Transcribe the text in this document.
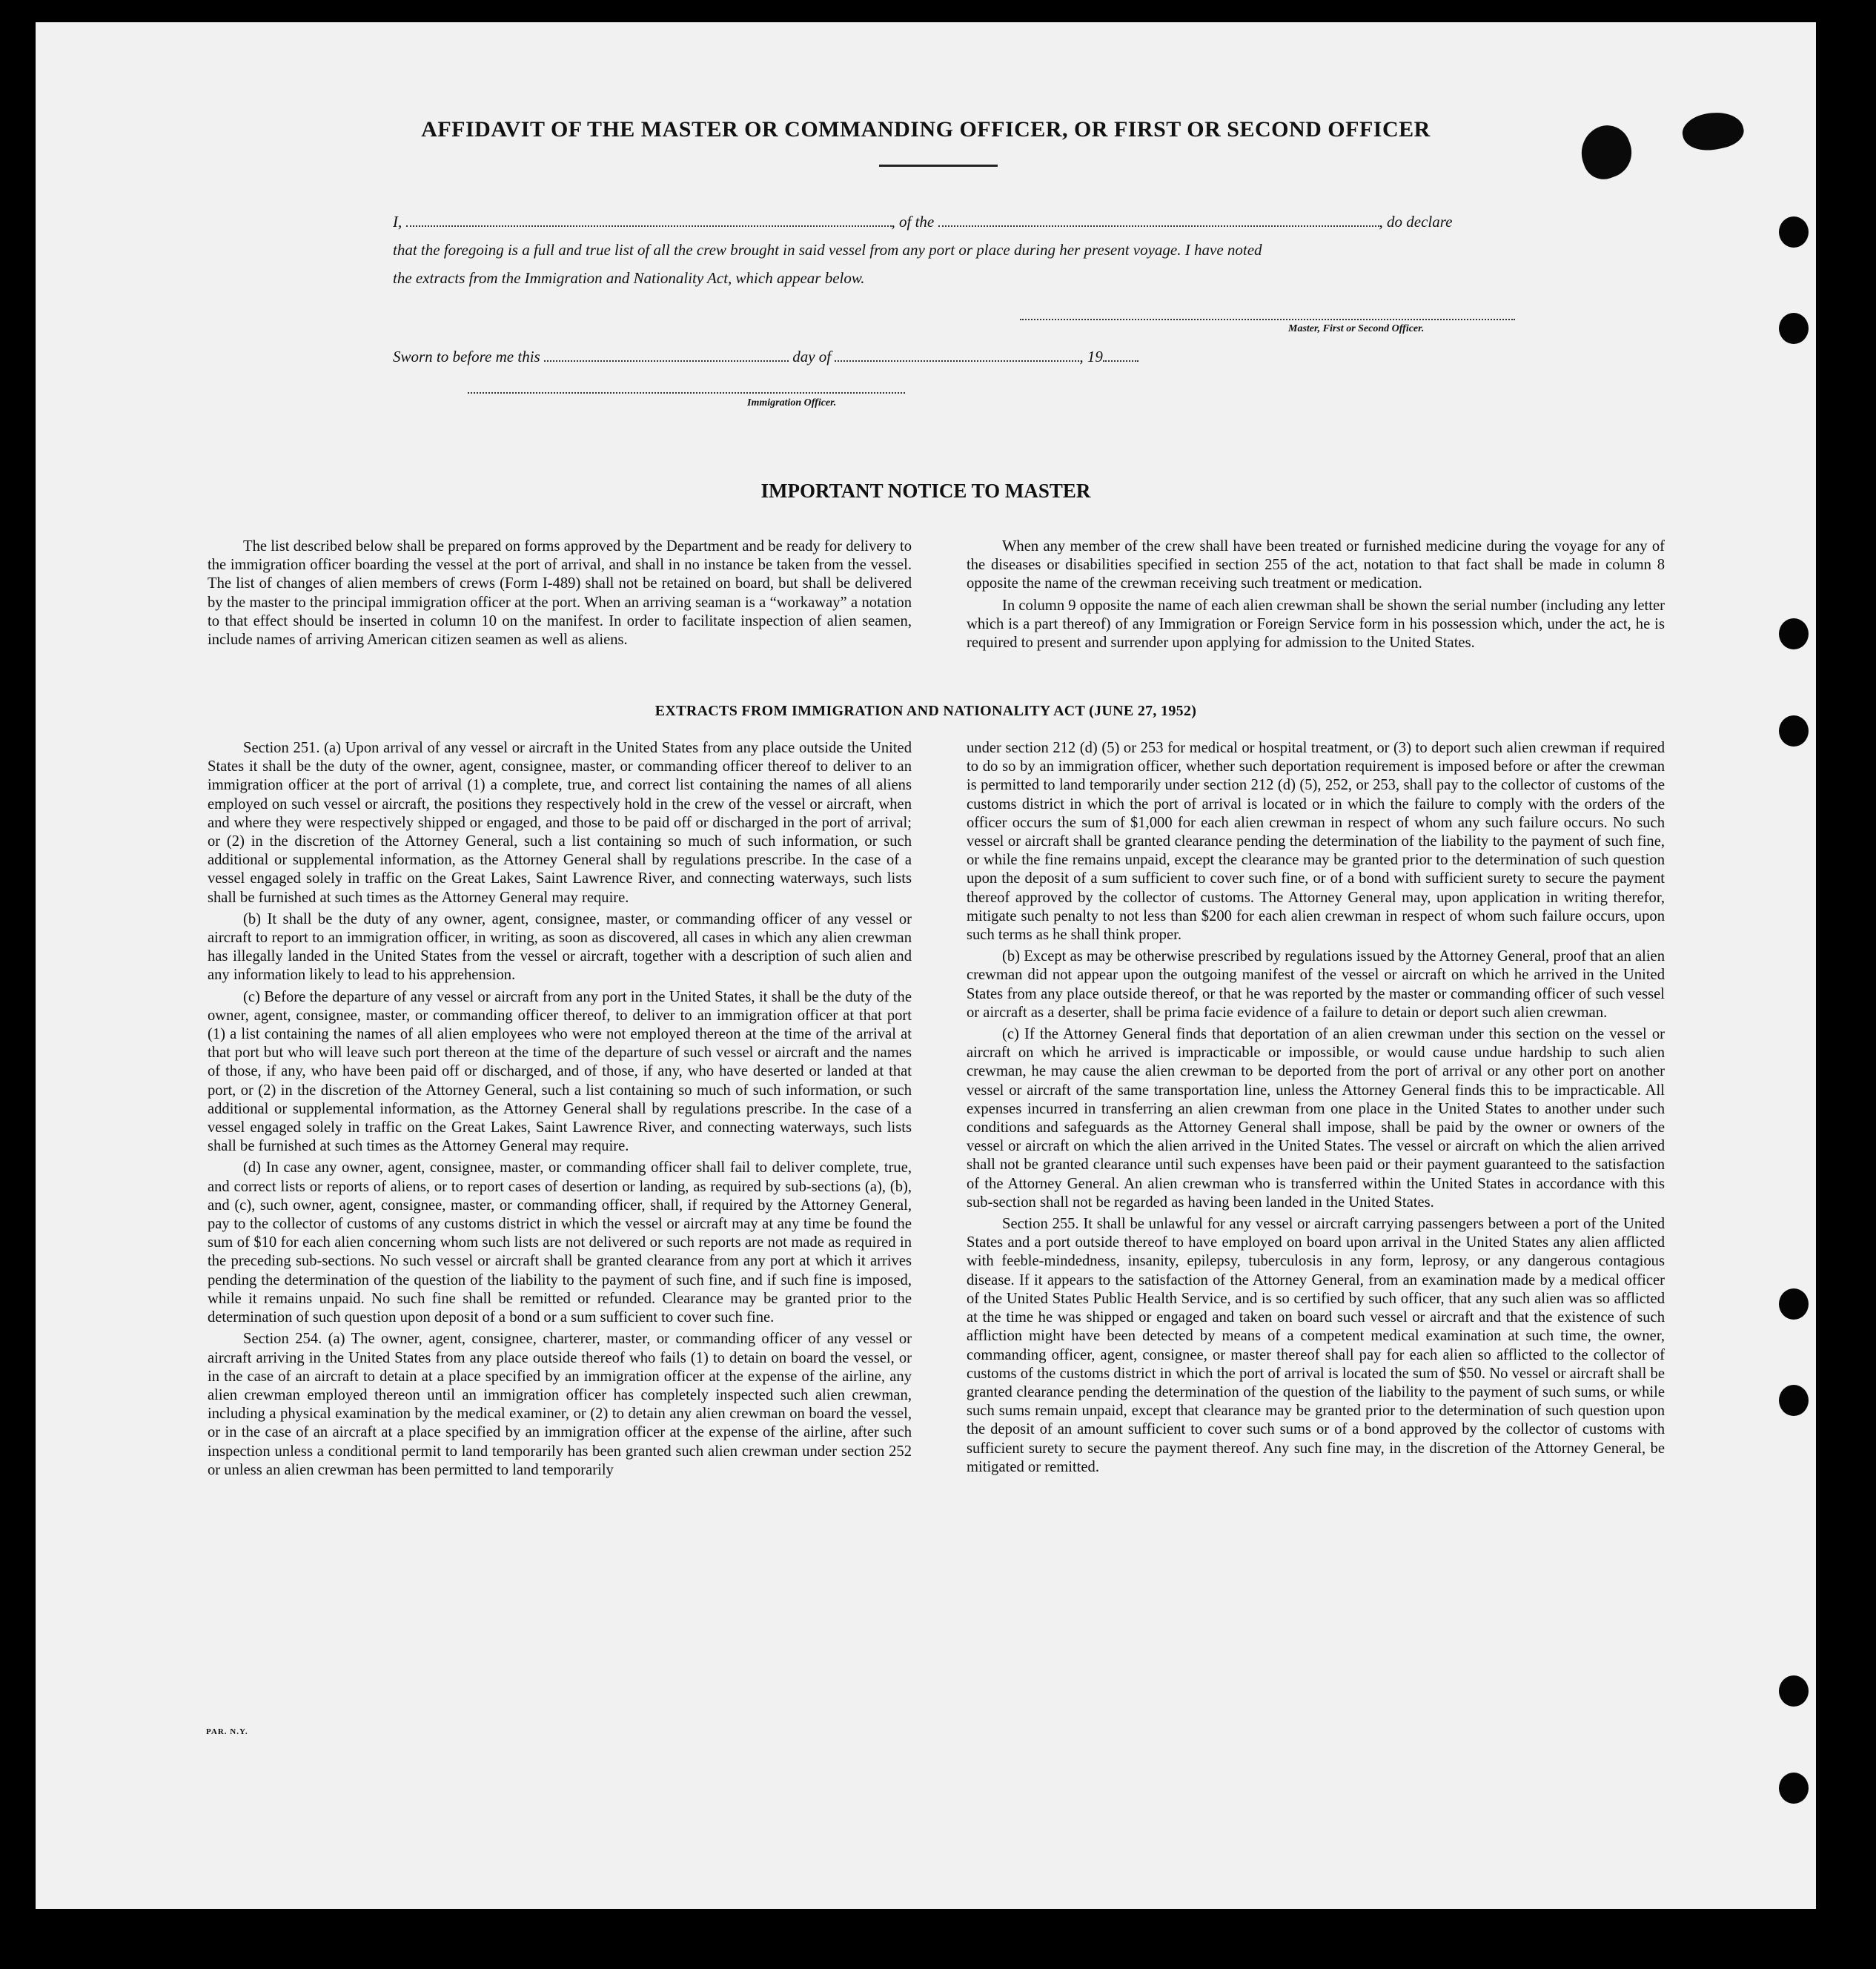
AFFIDAVIT OF THE MASTER OR COMMANDING OFFICER, OR FIRST OR SECOND OFFICER
I,	, of the	, do declare
that the foregoing is a full and true list of all the crew brought in said vessel from any port or place during her present voyage. I have noted
the extracts from the Immigration and Nationality Act, which appear below.
Master, First or Second Officer.
Sworn to before me this	day of	, 19
Immigration Officer.
IMPORTANT NOTICE TO MASTER

The list described below shall be prepared on forms approved by the Department and be ready for delivery to the immigration officer boarding the vessel at the port of arrival, and shall in no instance be taken from the vessel. The list of changes of alien members of crews (Form I-489) shall not be retained on board, but shall be delivered by the master to the principal immigration officer at the port. When an arriving seaman is a “workaway” a notation to that effect should be inserted in column 10 on the manifest. In order to facilitate inspection of alien seamen, include names of arriving American citizen seamen as well as aliens.

When any member of the crew shall have been treated or furnished medicine during the voyage for any of the diseases or disabilities specified in section 255 of the act, notation to that fact shall be made in column 8 opposite the name of the crewman receiving such treatment or medication.

In column 9 opposite the name of each alien crewman shall be shown the serial number (including any letter which is a part thereof) of any Immigration or Foreign Service form in his possession which, under the act, he is required to present and surrender upon applying for admission to the United States.

EXTRACTS FROM IMMIGRATION AND NATIONALITY ACT (JUNE 27, 1952)

Section 251. (a) Upon arrival of any vessel or aircraft in the United States from any place outside the United States it shall be the duty of the owner, agent, consignee, master, or commanding officer thereof to deliver to an immigration officer at the port of arrival (1) a complete, true, and correct list containing the names of all aliens employed on such vessel or aircraft, the positions they respectively hold in the crew of the vessel or aircraft, when and where they were respectively shipped or engaged, and those to be paid off or discharged in the port of arrival; or (2) in the discretion of the Attorney General, such a list containing so much of such information, or such additional or supplemental information, as the Attorney General shall by regulations prescribe. In the case of a vessel engaged solely in traffic on the Great Lakes, Saint Lawrence River, and connecting waterways, such lists shall be furnished at such times as the Attorney General may require.

(b) It shall be the duty of any owner, agent, consignee, master, or commanding officer of any vessel or aircraft to report to an immigration officer, in writing, as soon as discovered, all cases in which any alien crewman has illegally landed in the United States from the vessel or aircraft, together with a description of such alien and any information likely to lead to his apprehension.

(c) Before the departure of any vessel or aircraft from any port in the United States, it shall be the duty of the owner, agent, consignee, master, or commanding officer thereof, to deliver to an immigration officer at that port (1) a list containing the names of all alien employees who were not employed thereon at the time of the arrival at that port but who will leave such port thereon at the time of the departure of such vessel or aircraft and the names of those, if any, who have been paid off or discharged, and of those, if any, who have deserted or landed at that port, or (2) in the discretion of the Attorney General, such a list containing so much of such information, or such additional or supplemental information, as the Attorney General shall by regulations prescribe. In the case of a vessel engaged solely in traffic on the Great Lakes, Saint Lawrence River, and connecting waterways, such lists shall be furnished at such times as the Attorney General may require.

(d) In case any owner, agent, consignee, master, or commanding officer shall fail to deliver complete, true, and correct lists or reports of aliens, or to report cases of desertion or landing, as required by sub-sections (a), (b), and (c), such owner, agent, consignee, master, or commanding officer, shall, if required by the Attorney General, pay to the collector of customs of any customs district in which the vessel or aircraft may at any time be found the sum of $10 for each alien concerning whom such lists are not delivered or such reports are not made as required in the preceding sub-sections. No such vessel or aircraft shall be granted clearance from any port at which it arrives pending the determination of the question of the liability to the payment of such fine, and if such fine is imposed, while it remains unpaid. No such fine shall be remitted or refunded. Clearance may be granted prior to the determination of such question upon deposit of a bond or a sum sufficient to cover such fine.

Section 254. (a) The owner, agent, consignee, charterer, master, or commanding officer of any vessel or aircraft arriving in the United States from any place outside thereof who fails (1) to detain on board the vessel, or in the case of an aircraft to detain at a place specified by an immigration officer at the expense of the airline, any alien crewman employed thereon until an immigration officer has completely inspected such alien crewman, including a physical examination by the medical examiner, or (2) to detain any alien crewman on board the vessel, or in the case of an aircraft at a place specified by an immigration officer at the expense of the airline, after such inspection unless a conditional permit to land temporarily has been granted such alien crewman under section 252 or unless an alien crewman has been permitted to land temporarily

under section 212 (d) (5) or 253 for medical or hospital treatment, or (3) to deport such alien crewman if required to do so by an immigration officer, whether such deportation requirement is imposed before or after the crewman is permitted to land temporarily under section 212 (d) (5), 252, or 253, shall pay to the collector of customs of the customs district in which the port of arrival is located or in which the failure to comply with the orders of the officer occurs the sum of $1,000 for each alien crewman in respect of whom any such failure occurs. No such vessel or aircraft shall be granted clearance pending the determination of the liability to the payment of such fine, or while the fine remains unpaid, except the clearance may be granted prior to the determination of such question upon the deposit of a sum sufficient to cover such fine, or of a bond with sufficient surety to secure the payment thereof approved by the collector of customs. The Attorney General may, upon application in writing therefor, mitigate such penalty to not less than $200 for each alien crewman in respect of whom such failure occurs, upon such terms as he shall think proper.

(b) Except as may be otherwise prescribed by regulations issued by the Attorney General, proof that an alien crewman did not appear upon the outgoing manifest of the vessel or aircraft on which he arrived in the United States from any place outside thereof, or that he was reported by the master or commanding officer of such vessel or aircraft as a deserter, shall be prima facie evidence of a failure to detain or deport such alien crewman.

(c) If the Attorney General finds that deportation of an alien crewman under this section on the vessel or aircraft on which he arrived is impracticable or impossible, or would cause undue hardship to such alien crewman, he may cause the alien crewman to be deported from the port of arrival or any other port on another vessel or aircraft of the same transportation line, unless the Attorney General finds this to be impracticable. All expenses incurred in transferring an alien crewman from one place in the United States to another under such conditions and safeguards as the Attorney General shall impose, shall be paid by the owner or owners of the vessel or aircraft on which the alien arrived in the United States. The vessel or aircraft on which the alien arrived shall not be granted clearance until such expenses have been paid or their payment guaranteed to the satisfaction of the Attorney General. An alien crewman who is transferred within the United States in accordance with this sub-section shall not be regarded as having been landed in the United States.

Section 255. It shall be unlawful for any vessel or aircraft carrying passengers between a port of the United States and a port outside thereof to have employed on board upon arrival in the United States any alien afflicted with feeble-mindedness, insanity, epilepsy, tuberculosis in any form, leprosy, or any dangerous contagious disease. If it appears to the satisfaction of the Attorney General, from an examination made by a medical officer of the United States Public Health Service, and is so certified by such officer, that any such alien was so afflicted at the time he was shipped or engaged and taken on board such vessel or aircraft and that the existence of such affliction might have been detected by means of a competent medical examination at such time, the owner, commanding officer, agent, consignee, or master thereof shall pay for each alien so afflicted to the collector of customs of the customs district in which the port of arrival is located the sum of $50. No vessel or aircraft shall be granted clearance pending the determination of the question of the liability to the payment of such sums, or while such sums remain unpaid, except that clearance may be granted prior to the determination of such question upon the deposit of an amount sufficient to cover such sums or of a bond approved by the collector of customs with sufficient surety to secure the payment thereof. Any such fine may, in the discretion of the Attorney General, be mitigated or remitted.

PAR. N.Y.
